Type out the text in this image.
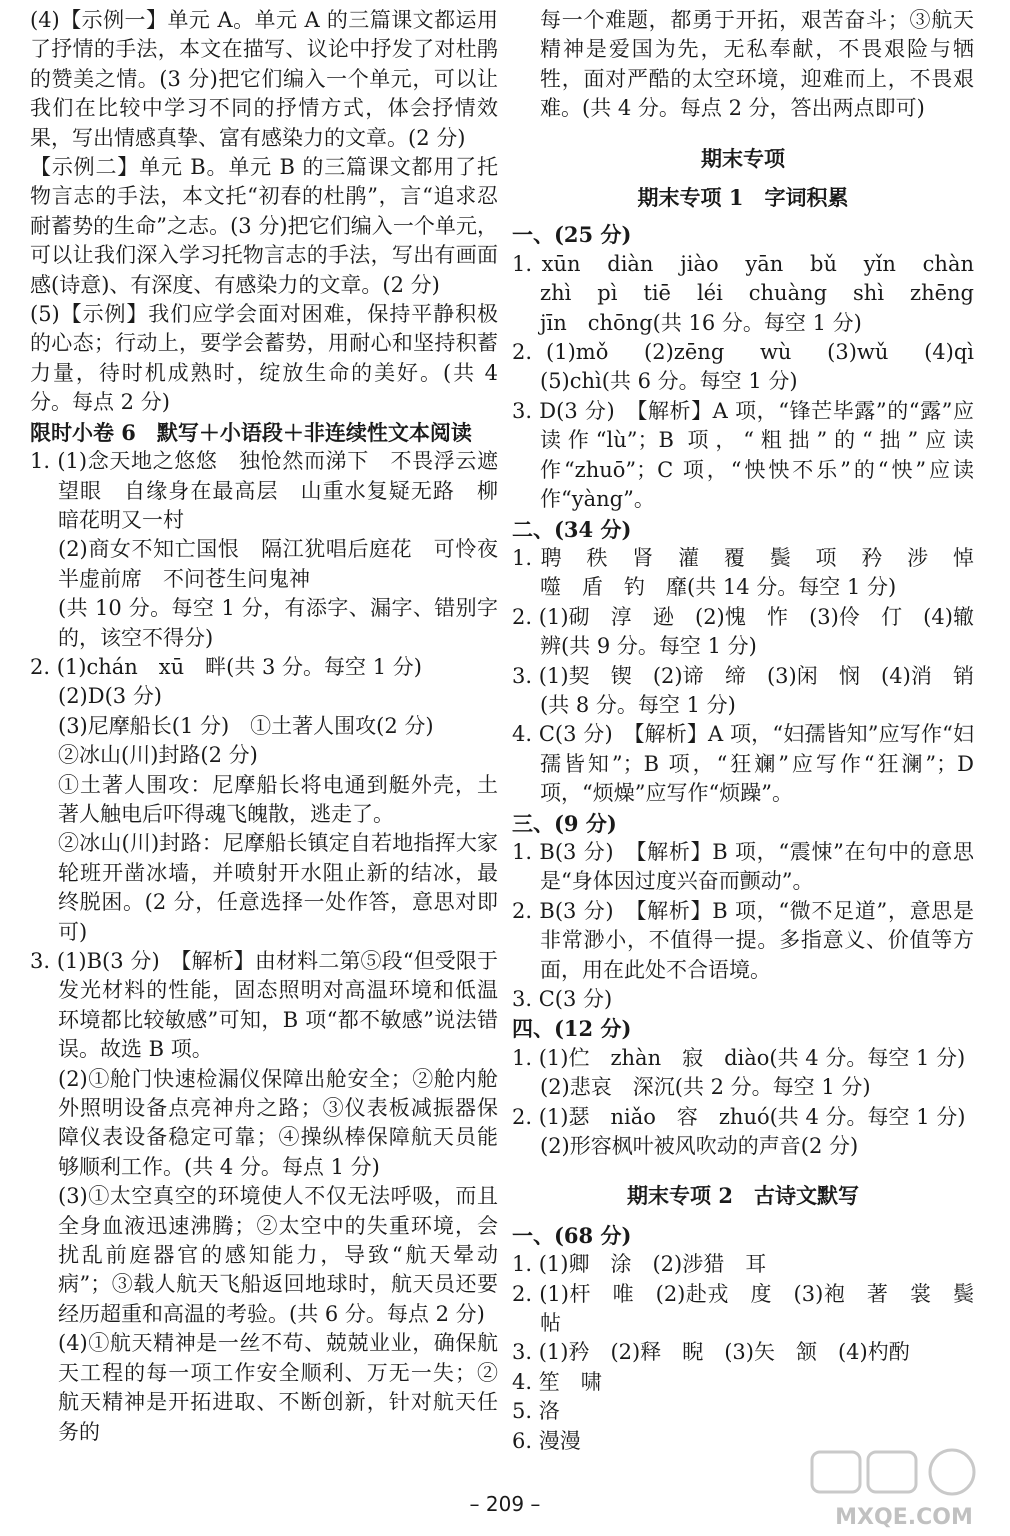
(4)【示例一】单元 A。单元 A 的三篇课文都运用了抒情的手法，本文在描写、议论中抒发了对杜鹃的赞美之情。(3 分)把它们编入一个单元，可以让我们在比较中学习不同的抒情方式，体会抒情效果，写出情感真挚、富有感染力的文章。(2 分)

【示例二】单元 B。单元 B 的三篇课文都用了托物言志的手法，本文托“初春的杜鹃”，言“追求忍耐蓄势的生命”之志。(3 分)把它们编入一个单元，可以让我们深入学习托物言志的手法，写出有画面感(诗意)、有深度、有感染力的文章。(2 分)

(5)【示例】我们应学会面对困难，保持平静积极的心态；行动上，要学会蓄势，用耐心和坚持积蓄力量，待时机成熟时，绽放生命的美好。(共 4 分。每点 2 分)

限时小卷 6　默写＋小语段＋非连续性文本阅读

1. (1)念天地之悠悠　独怆然而涕下　不畏浮云遮望眼　自缘身在最高层　山重水复疑无路　柳暗花明又一村

(2)商女不知亡国恨　隔江犹唱后庭花　可怜夜半虚前席　不问苍生问鬼神

(共 10 分。每空 1 分，有添字、漏字、错别字的，该空不得分)

2. (1)chán　xū　畔(共 3 分。每空 1 分)

(2)D(3 分)

(3)尼摩船长(1 分)　①土著人围攻(2 分)

②冰山(川)封路(2 分)

①土著人围攻：尼摩船长将电通到艇外壳，土著人触电后吓得魂飞魄散，逃走了。

②冰山(川)封路：尼摩船长镇定自若地指挥大家轮班开凿冰墙，并喷射开水阻止新的结冰，最终脱困。(2 分，任意选择一处作答，意思对即可)

3. (1)B(3 分)　【解析】由材料二第⑤段“但受限于发光材料的性能，固态照明对高温环境和低温环境都比较敏感”可知，B 项“都不敏感”说法错误。故选 B 项。

(2)①舱门快速检漏仪保障出舱安全；②舱内舱外照明设备点亮神舟之路；③仪表板减振器保障仪表设备稳定可靠；④操纵棒保障航天员能够顺利工作。(共 4 分。每点 1 分)

(3)①太空真空的环境使人不仅无法呼吸，而且全身血液迅速沸腾；②太空中的失重环境，会扰乱前庭器官的感知能力，导致“航天晕动病”；③载人航天飞船返回地球时，航天员还要经历超重和高温的考验。(共 6 分。每点 2 分)

(4)①航天精神是一丝不苟、兢兢业业，确保航天工程的每一项工作安全顺利、万无一失；②航天精神是开拓进取、不断创新，针对航天任务的

每一个难题，都勇于开拓，艰苦奋斗；③航天精神是爱国为先，无私奉献，不畏艰险与牺牲，面对严酷的太空环境，迎难而上，不畏艰难。(共 4 分。每点 2 分，答出两点即可)

期末专项

期末专项 1　字词积累

一、(25 分)

1. xūn　diàn　jiào　yān　bǔ　yǐn　chàn　zhì　pì　tiē　léi　chuàng　shì　zhēng　jīn　chōng(共 16 分。每空 1 分)

2. (1)mǒ　(2)zēng　wù　(3)wǔ　(4)qì　(5)chì(共 6 分。每空 1 分)

3. D(3 分)　【解析】A 项，“锋芒毕露”的“露”应读作“lù”；B 项，“粗拙”的“拙”应读作“zhuō”；C 项，“怏怏不乐”的“怏”应读作“yàng”。

二、(34 分)

1. 聘　秩　肾　灌　覆　鬓　项　矜　涉　悼　噬　盾　钓　靡(共 14 分。每空 1 分)

2. (1)砌　淳　逊　(2)愧　怍　(3)伶　仃　(4)辙　辨(共 9 分。每空 1 分)

3. (1)契　锲　(2)谛　缔　(3)闲　悯　(4)消　销(共 8 分。每空 1 分)

4. C(3 分)　【解析】A 项，“妇孺皆知”应写作“妇孺皆知”；B 项，“狂斓”应写作“狂澜”；D 项，“烦燥”应写作“烦躁”。

三、(9 分)

1. B(3 分)　【解析】B 项，“震悚”在句中的意思是“身体因过度兴奋而颤动”。

2. B(3 分)　【解析】B 项，“微不足道”，意思是非常渺小，不值得一提。多指意义、价值等方面，用在此处不合语境。

3. C(3 分)

四、(12 分)

1. (1)伫　zhàn　寂　diào(共 4 分。每空 1 分)

(2)悲哀　深沉(共 2 分。每空 1 分)

2. (1)瑟　niǎo　容　zhuó(共 4 分。每空 1 分)

(2)形容枫叶被风吹动的声音(2 分)

期末专项 2　古诗文默写

一、(68 分)

1. (1)卿　涂　(2)涉猎　耳

2. (1)杆　唯　(2)赴戎　度　(3)袍　著　裳　鬓　帖

3. (1)矜　(2)释　睨　(3)矢　颔　(4)杓酌

4. 笙　啸

5. 洛

6. 漫漫

– 209 –
MXQE.COM
